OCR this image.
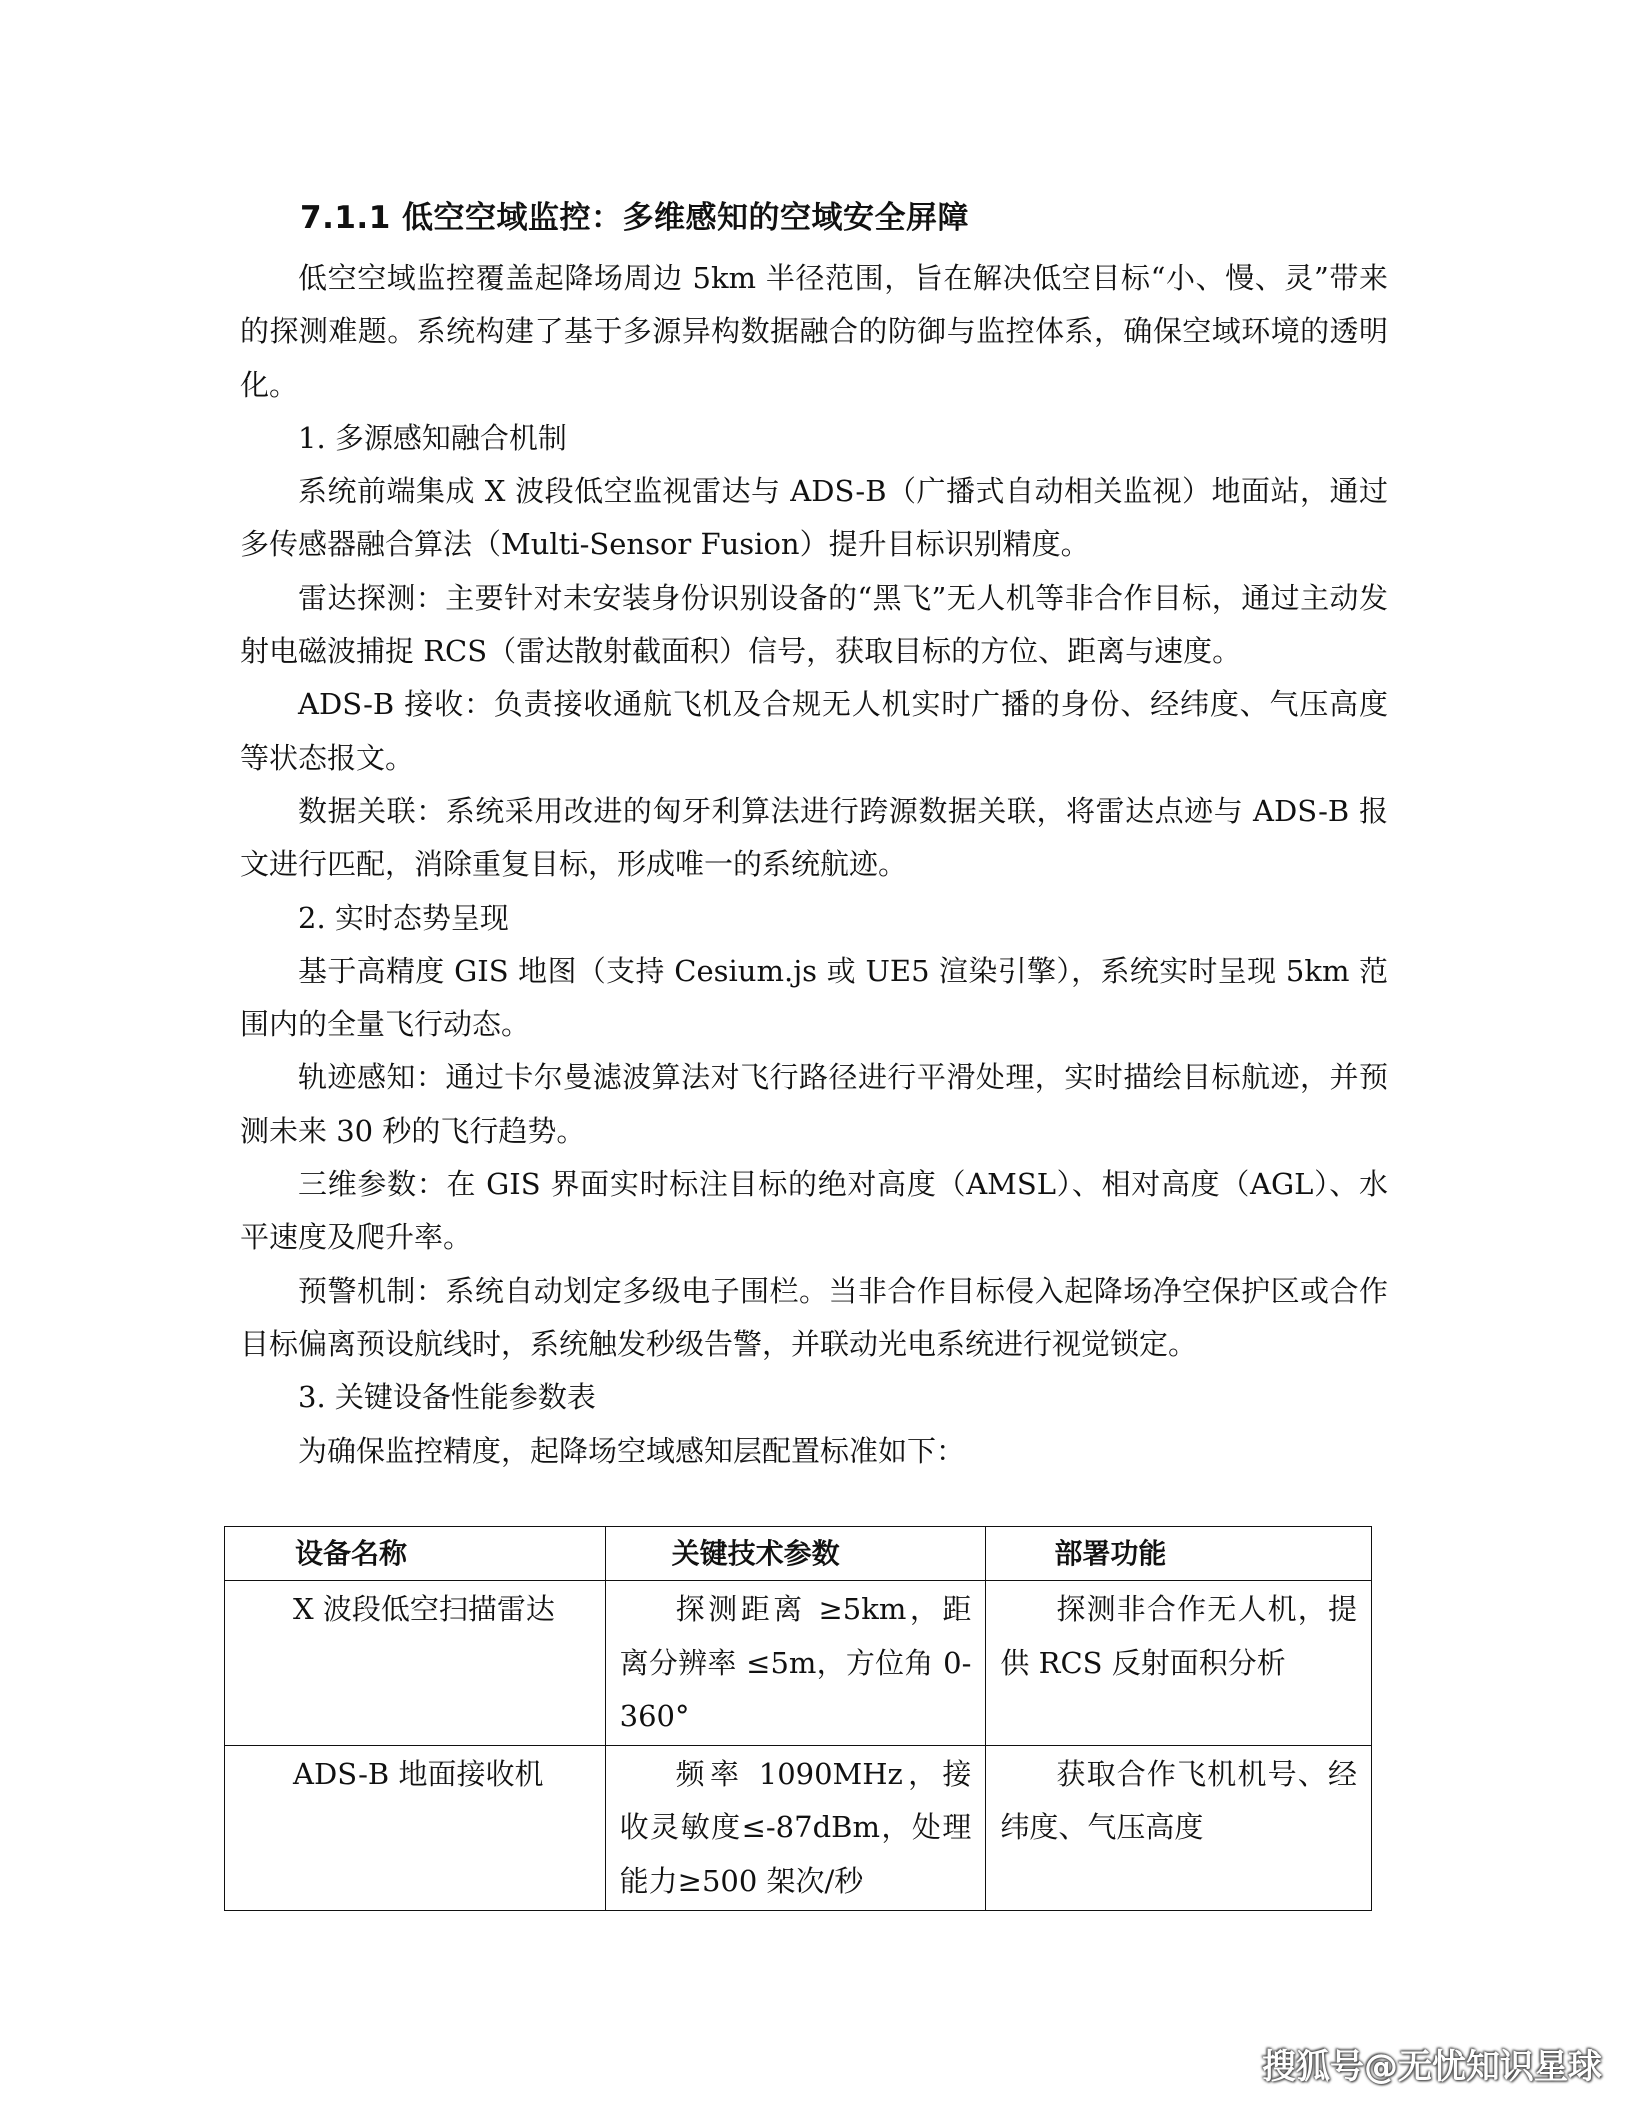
7.1.1 低空空域监控：多维感知的空域安全屏障

低空空域监控覆盖起降场周边 5km 半径范围，旨在解决低空目标“小、慢、灵”带来的探测难题。系统构建了基于多源异构数据融合的防御与监控体系，确保空域环境的透明化。

1. 多源感知融合机制

系统前端集成 X 波段低空监视雷达与 ADS-B（广播式自动相关监视）地面站，通过多传感器融合算法（Multi-Sensor Fusion）提升目标识别精度。

雷达探测：主要针对未安装身份识别设备的“黑飞”无人机等非合作目标，通过主动发射电磁波捕捉 RCS（雷达散射截面积）信号，获取目标的方位、距离与速度。

ADS-B 接收：负责接收通航飞机及合规无人机实时广播的身份、经纬度、气压高度等状态报文。

数据关联：系统采用改进的匈牙利算法进行跨源数据关联，将雷达点迹与 ADS-B 报文进行匹配，消除重复目标，形成唯一的系统航迹。

2. 实时态势呈现

基于高精度 GIS 地图（支持 Cesium.js 或 UE5 渲染引擎），系统实时呈现 5km 范围内的全量飞行动态。

轨迹感知：通过卡尔曼滤波算法对飞行路径进行平滑处理，实时描绘目标航迹，并预测未来 30 秒的飞行趋势。

三维参数：在 GIS 界面实时标注目标的绝对高度（AMSL）、相对高度（AGL）、水平速度及爬升率。

预警机制：系统自动划定多级电子围栏。当非合作目标侵入起降场净空保护区或合作目标偏离预设航线时，系统触发秒级告警，并联动光电系统进行视觉锁定。

3. 关键设备性能参数表

为确保监控精度，起降场空域感知层配置标准如下：

设备名称	关键技术参数	部署功能
X 波段低空扫描雷达	探测距离 ≥5km，距离分辨率 ≤5m，方位角 0-360°	探测非合作无人机，提供 RCS 反射面积分析

ADS-B 地面接收机	频率 1090MHz，接收灵敏度≤-87dBm，处理能力≥500 架次/秒	获取合作飞机机号、经纬度、气压高度

搜狐号@无忧知识星球
